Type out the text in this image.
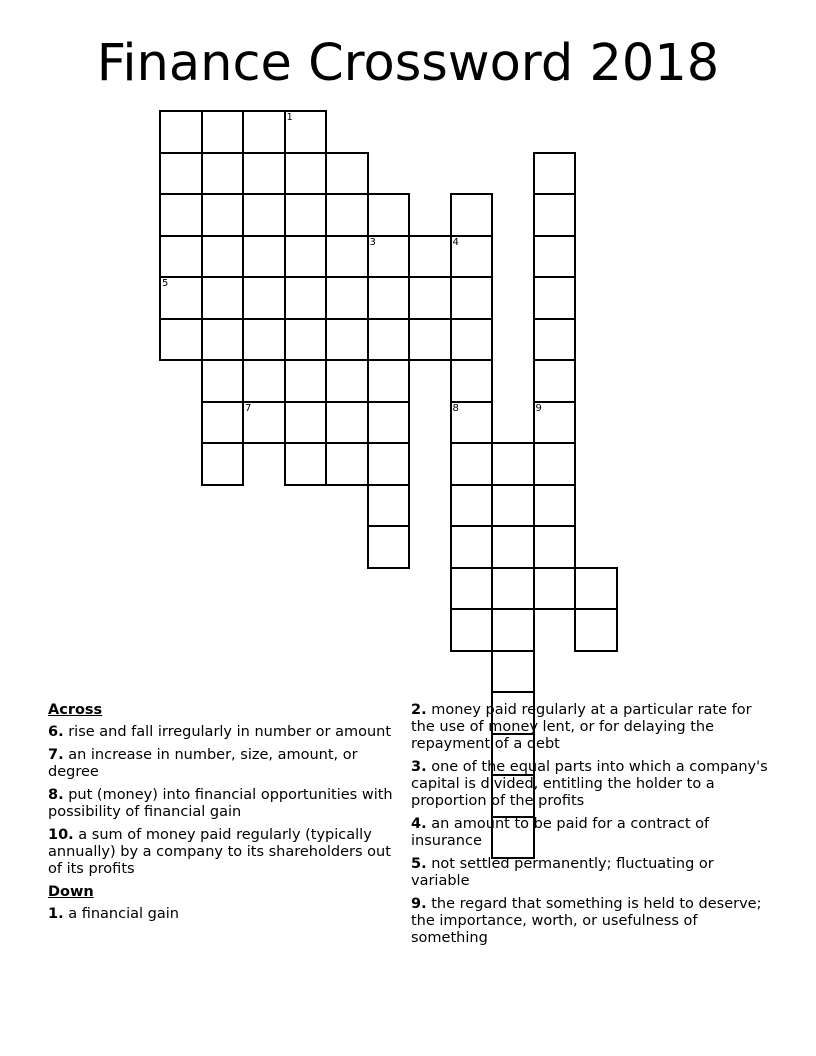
Finance Crossword 2018
5
7
1
3	4
8	9
Across
6. rise and fall irregularly in number or amount
7. an increase in number, size, amount, or degree
8. put (money) into financial opportunities with possibility of financial gain
10. a sum of money paid regularly (typically annually) by a company to its shareholders out of its profits
Down
1. a financial gain
2. money paid regularly at a particular rate for the use of money lent, or for delaying the repayment of a debt
3. one of the equal parts into which a company's capital is divided, entitling the holder to a proportion of the profits
4. an amount to be paid for a contract of insurance
5. not settled permanently; fluctuating or variable
9. the regard that something is held to deserve; the importance, worth, or usefulness of something
